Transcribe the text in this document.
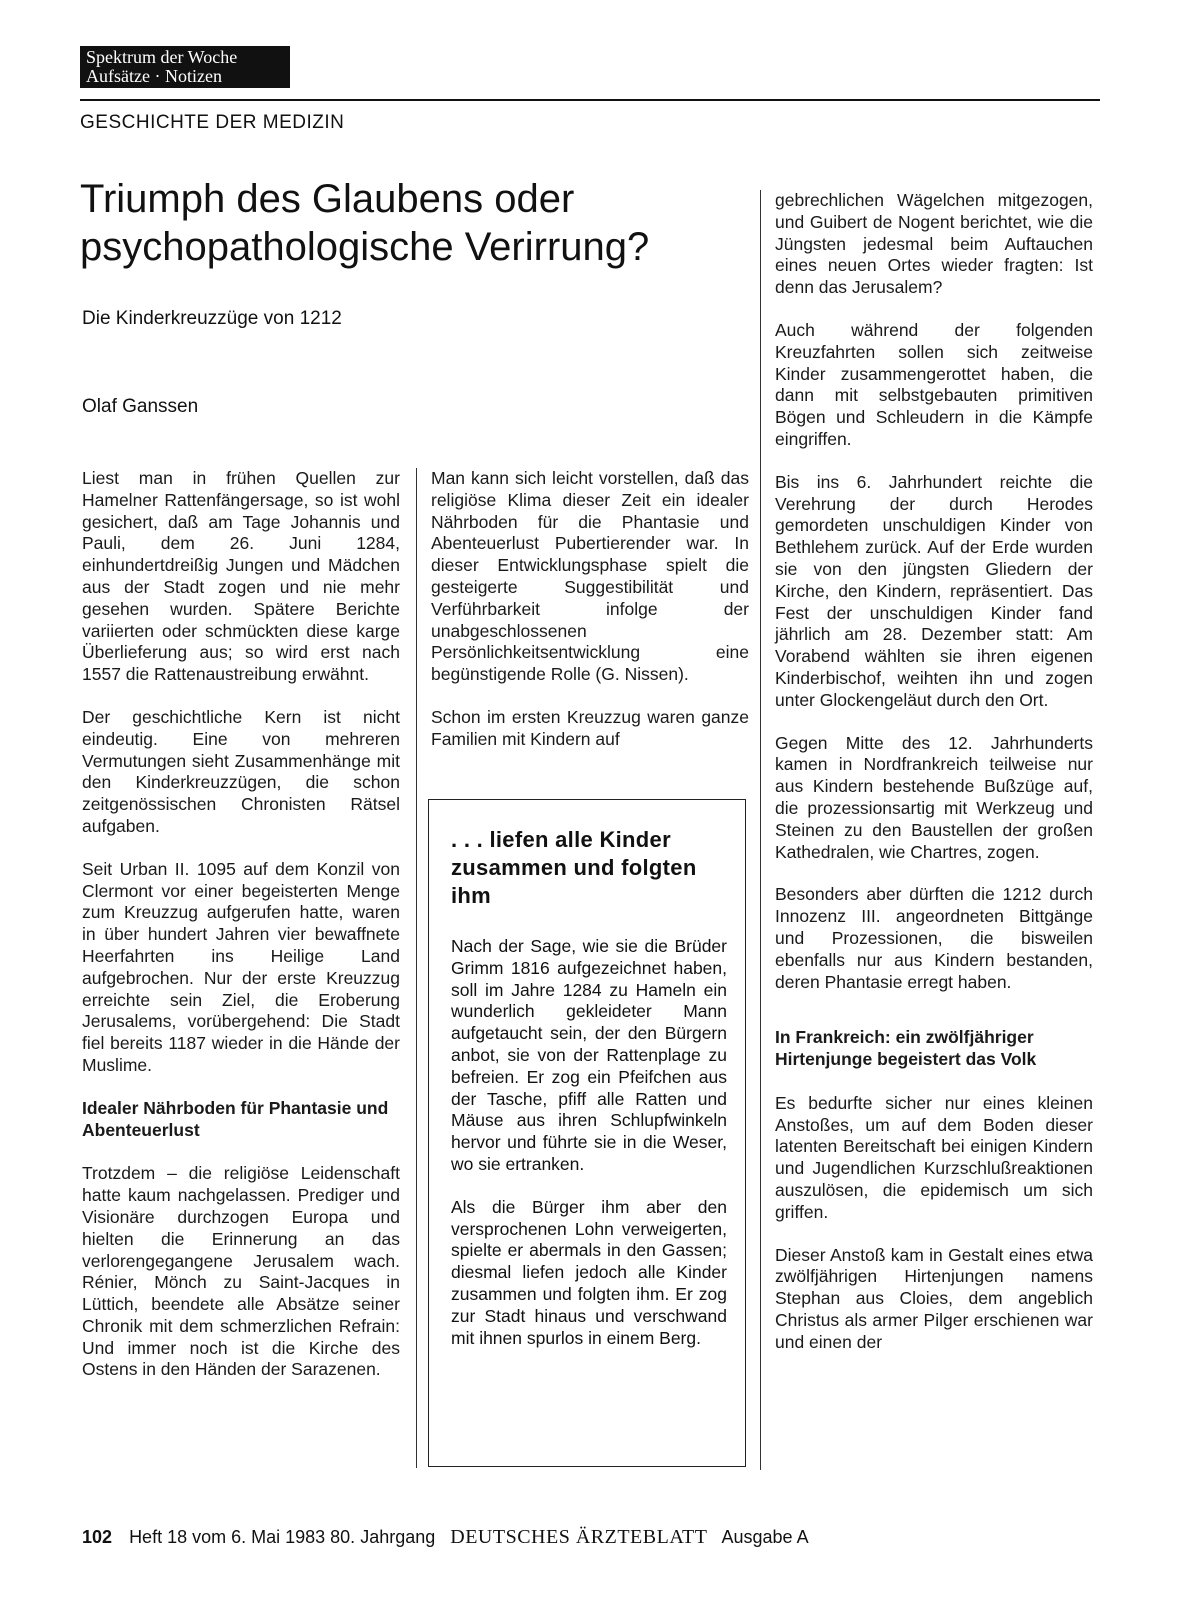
Spektrum der Woche
Aufsätze · Notizen
GESCHICHTE DER MEDIZIN
Triumph des Glaubens oder psychopathologische Verirrung?
Die Kinderkreuzzüge von 1212
Olaf Ganssen

Liest man in frühen Quellen zur Hamelner Rattenfängersage, so ist wohl gesichert, daß am Tage Johannis und Pauli, dem 26. Juni 1284, einhundertdreißig Jungen und Mädchen aus der Stadt zogen und nie mehr gesehen wurden. Spätere Berichte variierten oder schmückten diese karge Überlieferung aus; so wird erst nach 1557 die Rattenaustreibung erwähnt.

Der geschichtliche Kern ist nicht eindeutig. Eine von mehreren Vermutungen sieht Zusammenhänge mit den Kinderkreuzzügen, die schon zeitgenössischen Chronisten Rätsel aufgaben.

Seit Urban II. 1095 auf dem Konzil von Clermont vor einer begeisterten Menge zum Kreuzzug aufgerufen hatte, waren in über hundert Jahren vier bewaffnete Heerfahrten ins Heilige Land aufgebrochen. Nur der erste Kreuzzug erreichte sein Ziel, die Eroberung Jerusalems, vorübergehend: Die Stadt fiel bereits 1187 wieder in die Hände der Muslime.

Idealer Nährboden für Phantasie und Abenteuerlust

Trotzdem – die religiöse Leidenschaft hatte kaum nachgelassen. Prediger und Visionäre durchzogen Europa und hielten die Erinnerung an das verlorengegangene Jerusalem wach. Rénier, Mönch zu Saint-Jacques in Lüttich, beendete alle Absätze seiner Chronik mit dem schmerzlichen Refrain: Und immer noch ist die Kirche des Ostens in den Händen der Sarazenen.

Man kann sich leicht vorstellen, daß das religiöse Klima dieser Zeit ein idealer Nährboden für die Phantasie und Abenteuerlust Pubertierender war. In dieser Entwicklungsphase spielt die gesteigerte Suggestibilität und Verführbarkeit infolge der unabgeschlossenen Persönlichkeitsentwicklung eine begünstigende Rolle (G. Nissen).

Schon im ersten Kreuzzug waren ganze Familien mit Kindern auf

. . . liefen alle Kinder zusammen und folgten ihm

Nach der Sage, wie sie die Brüder Grimm 1816 aufgezeichnet haben, soll im Jahre 1284 zu Hameln ein wunderlich gekleideter Mann aufgetaucht sein, der den Bürgern anbot, sie von der Rattenplage zu befreien. Er zog ein Pfeifchen aus der Tasche, pfiff alle Ratten und Mäuse aus ihren Schlupfwinkeln hervor und führte sie in die Weser, wo sie ertranken.

Als die Bürger ihm aber den versprochenen Lohn verweigerten, spielte er abermals in den Gassen; diesmal liefen jedoch alle Kinder zusammen und folgten ihm. Er zog zur Stadt hinaus und verschwand mit ihnen spurlos in einem Berg.

gebrechlichen Wägelchen mitgezogen, und Guibert de Nogent berichtet, wie die Jüngsten jedesmal beim Auftauchen eines neuen Ortes wieder fragten: Ist denn das Jerusalem?

Auch während der folgenden Kreuzfahrten sollen sich zeitweise Kinder zusammengerottet haben, die dann mit selbstgebauten primitiven Bögen und Schleudern in die Kämpfe eingriffen.

Bis ins 6. Jahrhundert reichte die Verehrung der durch Herodes gemordeten unschuldigen Kinder von Bethlehem zurück. Auf der Erde wurden sie von den jüngsten Gliedern der Kirche, den Kindern, repräsentiert. Das Fest der unschuldigen Kinder fand jährlich am 28. Dezember statt: Am Vorabend wählten sie ihren eigenen Kinderbischof, weihten ihn und zogen unter Glockengeläut durch den Ort.

Gegen Mitte des 12. Jahrhunderts kamen in Nordfrankreich teilweise nur aus Kindern bestehende Bußzüge auf, die prozessionsartig mit Werkzeug und Steinen zu den Baustellen der großen Kathedralen, wie Chartres, zogen.

Besonders aber dürften die 1212 durch Innozenz III. angeordneten Bittgänge und Prozessionen, die bisweilen ebenfalls nur aus Kindern bestanden, deren Phantasie erregt haben.

In Frankreich: ein zwölfjähriger Hirtenjunge begeistert das Volk

Es bedurfte sicher nur eines kleinen Anstoßes, um auf dem Boden dieser latenten Bereitschaft bei einigen Kindern und Jugendlichen Kurzschlußreaktionen auszulösen, die epidemisch um sich griffen.

Dieser Anstoß kam in Gestalt eines etwa zwölfjährigen Hirtenjungen namens Stephan aus Cloies, dem angeblich Christus als armer Pilger erschienen war und einen der

102 Heft 18 vom 6. Mai 1983 80. Jahrgang DEUTSCHES ÄRZTEBLATT Ausgabe A
